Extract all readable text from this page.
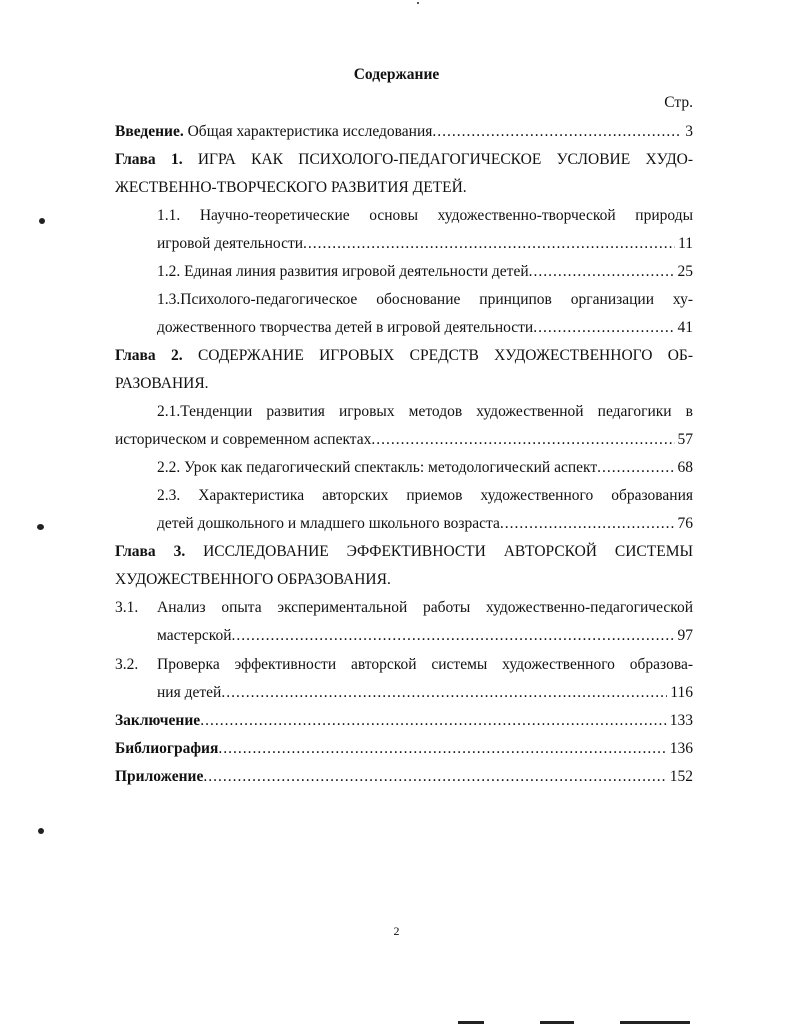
Содержание
Стр.
Введение.
Общая характеристика исследования .....	3
Глава 1. ИГРА КАК ПСИХОЛОГО-ПЕДАГОГИЧЕСКОЕ УСЛОВИЕ ХУДО-
ЖЕСТВЕННО-ТВОРЧЕСКОГО РАЗВИТИЯ ДЕТЕЙ.
1.1. Научно-теоретические основы художественно-творческой природы
игровой деятельности .....	11
1.2. Единая линия развития игровой деятельности детей .....	25
1.3.Психолого-педагогическое обоснование принципов организации ху-
дожественного творчества детей в игровой деятельности .....	41
Глава 2. СОДЕРЖАНИЕ ИГРОВЫХ СРЕДСТВ ХУДОЖЕСТВЕННОГО ОБ-
РАЗОВАНИЯ.
2.1.Тенденции развития игровых методов художественной педагогики в
историческом и современном аспектах .....	57
2.2. Урок как педагогический спектакль: методологический аспект .....	68
2.3. Характеристика авторских приемов художественного образования
детей дошкольного и младшего школьного возраста .....	76
Глава 3. ИССЛЕДОВАНИЕ ЭФФЕКТИВНОСТИ АВТОРСКОЙ СИСТЕМЫ
ХУДОЖЕСТВЕННОГО ОБРАЗОВАНИЯ.
3.1. Анализ опыта экспериментальной работы художественно-педагогической
мастерской .....	97
3.2. Проверка эффективности авторской системы художественного образова-
ния детей .....	116
Заключение .....	133
Библиография .....	136
Приложение .....	152
2
